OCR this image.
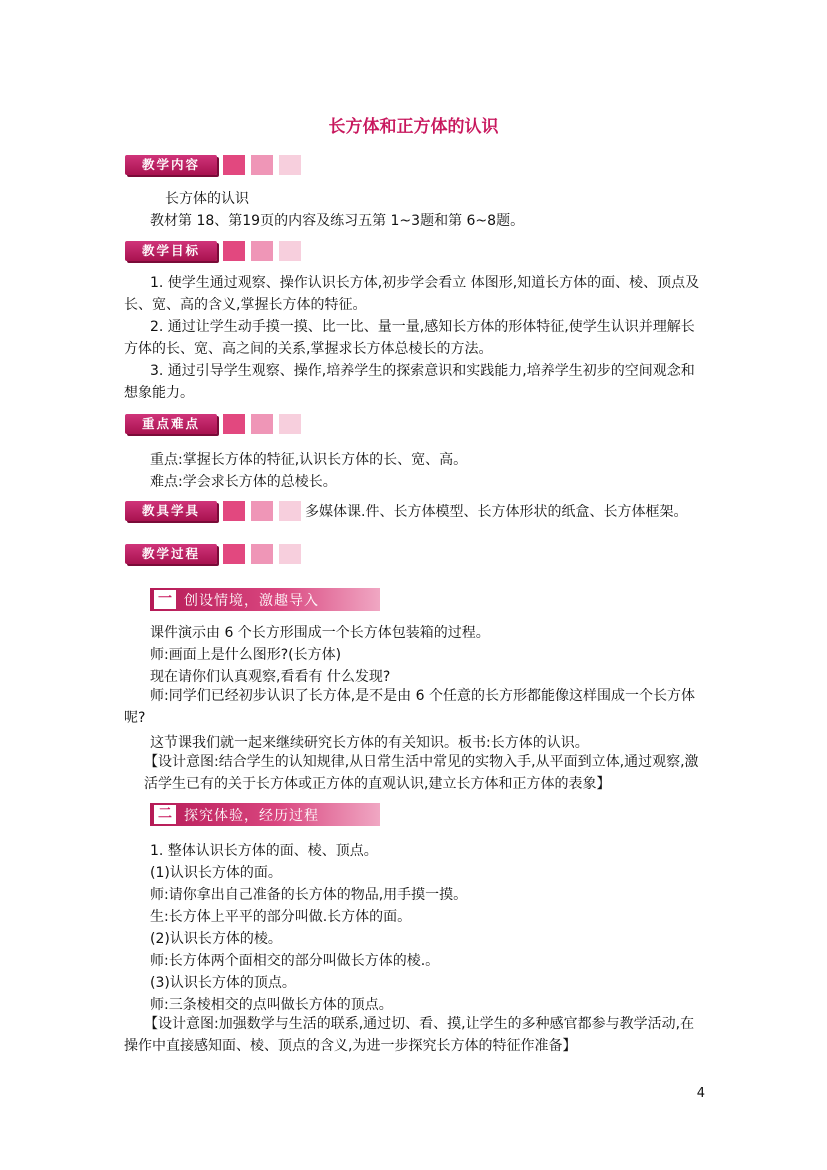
长方体和正方体的认识
教学内容
长方体的认识
教材第 18、第19页的内容及练习五第 1~3题和第 6~8题。
教学目标
1. 使学生通过观察、操作认识长方体,初步学会看立 体图形,知道长方体的面、棱、顶点及长、宽、高的含义,掌握长方体的特征。
2. 通过让学生动手摸一摸、比一比、量一量,感知长方体的形体特征,使学生认识并理解长方体的长、宽、高之间的关系,掌握求长方体总棱长的方法。
3. 通过引导学生观察、操作,培养学生的探索意识和实践能力,培养学生初步的空间观念和想象能力。
重点难点
重点:掌握长方体的特征,认识长方体的长、宽、高。
难点:学会求长方体的总棱长。
教具学具	多媒体课.件、长方体模型、长方体形状的纸盒、长方体框架。
教学过程
一 创设情境，激趣导入
课件演示由 6 个长方形围成一个长方体包装箱的过程。
师:画面上是什么图形?(长方体)
现在请你们认真观察,看看有 什么发现?
师:同学们已经初步认识了长方体,是不是由 6 个任意的长方形都能像这样围成一个长方体呢?
这节课我们就一起来继续研究长方体的有关知识。板书:长方体的认识。
【设计意图:结合学生的认知规律,从日常生活中常见的实物入手,从平面到立体,通过观察,激活学生已有的关于长方体或正方体的直观认识,建立长方体和正方体的表象】
二 探究体验，经历过程
1. 整体认识长方体的面、棱、顶点。
(1)认识长方体的面。
师:请你拿出自己准备的长方体的物品,用手摸一摸。
生:长方体上平平的部分叫做.长方体的面。
(2)认识长方体的棱。
师:长方体两个面相交的部分叫做长方体的棱.。
(3)认识长方体的顶点。
师:三条棱相交的点叫做长方体的顶点。
【设计意图:加强数学与生活的联系,通过切、看、摸,让学生的多种感官都参与教学活动,在操作中直接感知面、棱、顶点的含义,为进一步探究长方体的特征作准备】
4
